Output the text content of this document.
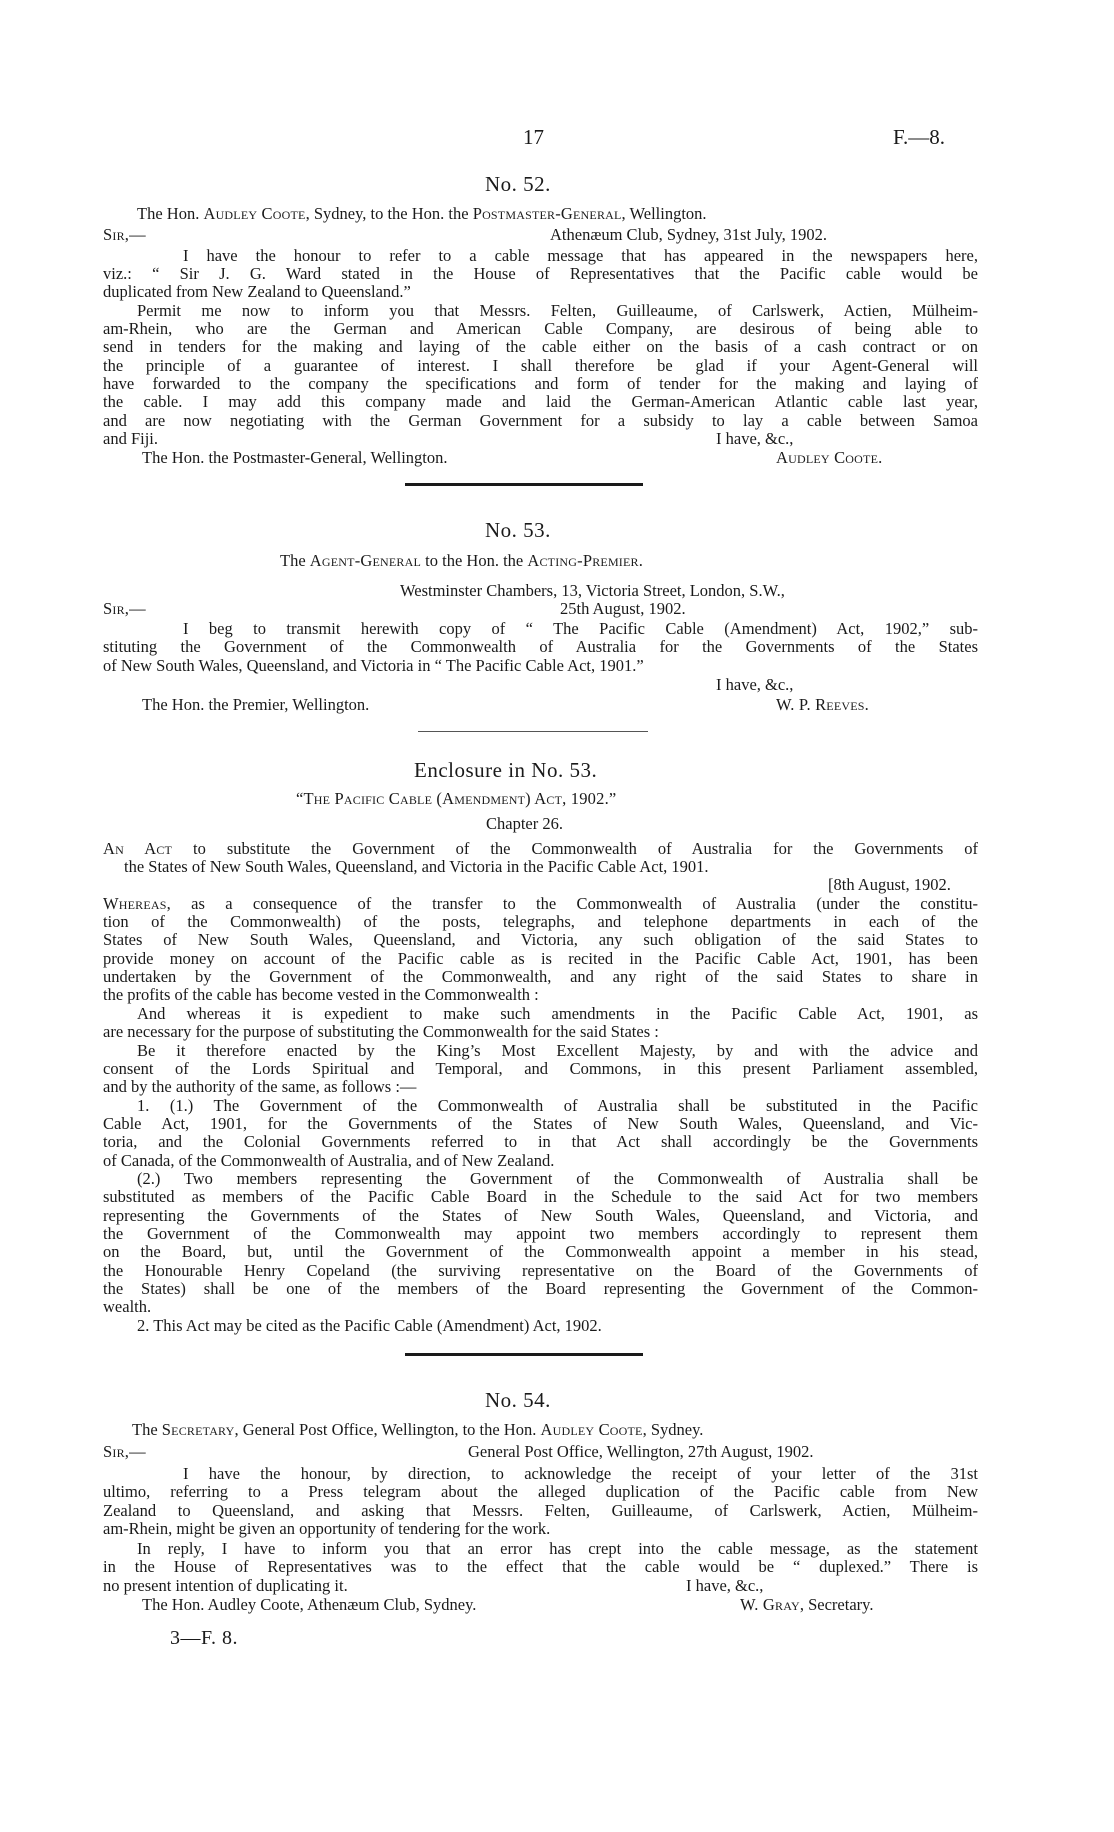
17	F.—8.
No. 52.
The Hon. Audley Coote, Sydney, to the Hon. the Postmaster-General, Wellington.
Sir,—	Athenæum Club, Sydney, 31st July, 1902.
I have the honour to refer to a cable message that has appeared in the newspapers here,
viz.: “ Sir J. G. Ward stated in the House of Representatives that the Pacific cable would be
duplicated from New Zealand to Queensland.”
Permit me now to inform you that Messrs. Felten, Guilleaume, of Carlswerk, Actien, Mülheim-
am-Rhein, who are the German and American Cable Company, are desirous of being able to
send in tenders for the making and laying of the cable either on the basis of a cash contract or on
the principle of a guarantee of interest. I shall therefore be glad if your Agent-General will
have forwarded to the company the specifications and form of tender for the making and laying of
the cable. I may add this company made and laid the German-American Atlantic cable last year,
and are now negotiating with the German Government for a subsidy to lay a cable between Samoa
and Fiji.	I have, &c.,
The Hon. the Postmaster-General, Wellington.	Audley Coote.
No. 53.
The Agent-General to the Hon. the Acting-Premier.
Westminster Chambers, 13, Victoria Street, London, S.W.,
Sir,—	25th August, 1902.
I beg to transmit herewith copy of “ The Pacific Cable (Amendment) Act, 1902,” sub-
stituting the Government of the Commonwealth of Australia for the Governments of the States
of New South Wales, Queensland, and Victoria in “ The Pacific Cable Act, 1901.”
I have, &c.,
The Hon. the Premier, Wellington.	W. P. Reeves.
Enclosure in No. 53.
“The Pacific Cable (Amendment) Act, 1902.”
Chapter 26.
An Act to substitute the Government of the Commonwealth of Australia for the Governments of
the States of New South Wales, Queensland, and Victoria in the Pacific Cable Act, 1901.
[8th August, 1902.
Whereas, as a consequence of the transfer to the Commonwealth of Australia (under the constitu-
tion of the Commonwealth) of the posts, telegraphs, and telephone departments in each of the
States of New South Wales, Queensland, and Victoria, any such obligation of the said States to
provide money on account of the Pacific cable as is recited in the Pacific Cable Act, 1901, has been
undertaken by the Government of the Commonwealth, and any right of the said States to share in
the profits of the cable has become vested in the Commonwealth :
And whereas it is expedient to make such amendments in the Pacific Cable Act, 1901, as
are necessary for the purpose of substituting the Commonwealth for the said States :
Be it therefore enacted by the King’s Most Excellent Majesty, by and with the advice and
consent of the Lords Spiritual and Temporal, and Commons, in this present Parliament assembled,
and by the authority of the same, as follows :—
1. (1.) The Government of the Commonwealth of Australia shall be substituted in the Pacific
Cable Act, 1901, for the Governments of the States of New South Wales, Queensland, and Vic-
toria, and the Colonial Governments referred to in that Act shall accordingly be the Governments
of Canada, of the Commonwealth of Australia, and of New Zealand.
(2.) Two members representing the Government of the Commonwealth of Australia shall be
substituted as members of the Pacific Cable Board in the Schedule to the said Act for two members
representing the Governments of the States of New South Wales, Queensland, and Victoria, and
the Government of the Commonwealth may appoint two members accordingly to represent them
on the Board, but, until the Government of the Commonwealth appoint a member in his stead,
the Honourable Henry Copeland (the surviving representative on the Board of the Governments of
the States) shall be one of the members of the Board representing the Government of the Common-
wealth.
2. This Act may be cited as the Pacific Cable (Amendment) Act, 1902.
No. 54.
The Secretary, General Post Office, Wellington, to the Hon. Audley Coote, Sydney.
Sir,—	General Post Office, Wellington, 27th August, 1902.
I have the honour, by direction, to acknowledge the receipt of your letter of the 31st
ultimo, referring to a Press telegram about the alleged duplication of the Pacific cable from New
Zealand to Queensland, and asking that Messrs. Felten, Guilleaume, of Carlswerk, Actien, Mülheim-
am-Rhein, might be given an opportunity of tendering for the work.
In reply, I have to inform you that an error has crept into the cable message, as the statement
in the House of Representatives was to the effect that the cable would be “ duplexed.” There is
no present intention of duplicating it.	I have, &c.,
The Hon. Audley Coote, Athenæum Club, Sydney.	W. Gray, Secretary.
3—F. 8.
